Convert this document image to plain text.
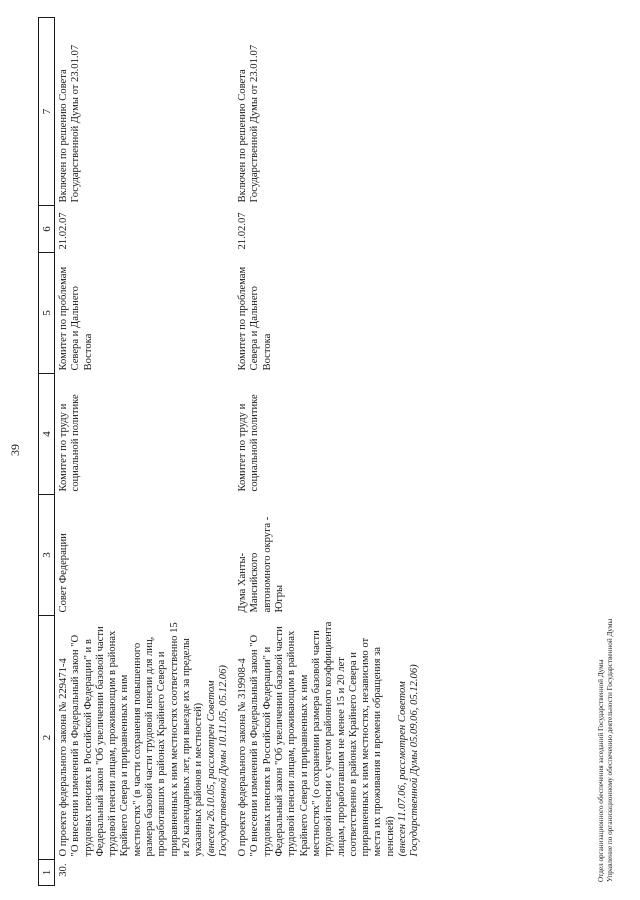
39
1	2	3	4	5	6	7
30.	О проекте федерального закона № 229471-4 "О внесении изменений в Федеральный закон "О трудовых пенсиях в Российской Федерации" и в Федеральный закон "Об увеличении базовой части трудовой пенсии лицам, проживающим в районах Крайнего Севера и приравненных к ним местностях" (в части сохранения повышенного размера базовой части трудовой пенсии для лиц, проработавших в районах Крайнего Севера и приравненных к ним местностях соответственно 15 и 20 календарных лет, при выезде их за пределы указанных районов и местностей) (внесен 26.10.05, рассмотрен Советом Государственной Думы 10.11.05, 05.12.06)	Совет Федерации	Комитет по труду и социальной политике	Комитет по проблемам Севера и Дальнего Востока	21.02.07	Включен по решению Совета Государственной Думы от 23.01.07

	О проекте федерального закона № 319908-4 "О внесении изменений в Федеральный закон "О трудовых пенсиях в Российской Федерации" и Федеральный закон "Об увеличении базовой части трудовой пенсии лицам, проживающим в районах Крайнего Севера и приравненных к ним местностях" (о сохранении размера базовой части трудовой пенсии с учетом районного коэффициента лицам, проработавшим не менее 15 и 20 лет соответственно в районах Крайнего Севера и приравненных к ним местностях, независимо от места их проживания и времени обращения за пенсией) (внесен 11.07.06, рассмотрен Советом Государственной Думы 05.09.06, 05.12.06)	Дума Ханты-Мансийского автономного округа - Югры	Комитет по труду и социальной политике	Комитет по проблемам Севера и Дальнего Востока	21.02.07	Включен по решению Совета Государственной Думы от 23.01.07
Отдел организационного обеспечения заседаний Государственной Думы Управление по организационному обеспечению деятельности Государственной Думы
